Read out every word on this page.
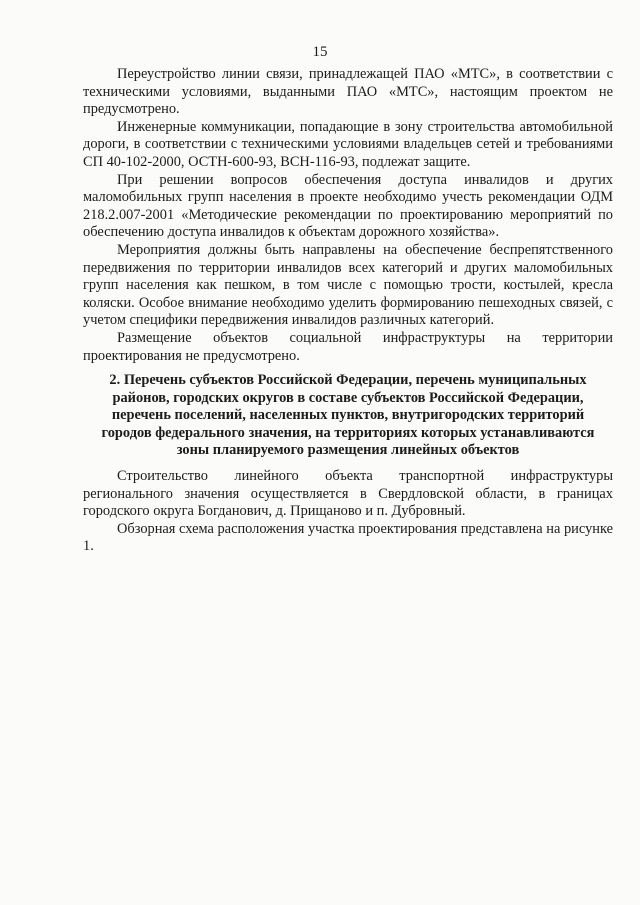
15

Переустройство линии связи, принадлежащей ПАО «МТС», в соответствии с техническими условиями, выданными ПАО «МТС», настоящим проектом не предусмотрено.

Инженерные коммуникации, попадающие в зону строительства автомобильной дороги, в соответствии с техническими условиями владельцев сетей и требованиями СП 40-102-2000, ОСТН-600-93, ВСН-116-93, подлежат защите.

При решении вопросов обеспечения доступа инвалидов и других маломобильных групп населения в проекте необходимо учесть рекомендации ОДМ 218.2.007-2001 «Методические рекомендации по проектированию мероприятий по обеспечению доступа инвалидов к объектам дорожного хозяйства».

Мероприятия должны быть направлены на обеспечение беспрепятственного передвижения по территории инвалидов всех категорий и других маломобильных групп населения как пешком, в том числе с помощью трости, костылей, кресла коляски. Особое внимание необходимо уделить формированию пешеходных связей, с учетом специфики передвижения инвалидов различных категорий.

Размещение объектов социальной инфраструктуры на территории проектирования не предусмотрено.

2. Перечень субъектов Российской Федерации, перечень муниципальных районов, городских округов в составе субъектов Российской Федерации, перечень поселений, населенных пунктов, внутригородских территорий городов федерального значения, на территориях которых устанавливаются зоны планируемого размещения линейных объектов

Строительство линейного объекта транспортной инфраструктуры регионального значения осуществляется в Свердловской области, в границах городского округа Богданович, д. Прищаново и п. Дубровный.

Обзорная схема расположения участка проектирования представлена на рисунке 1.
